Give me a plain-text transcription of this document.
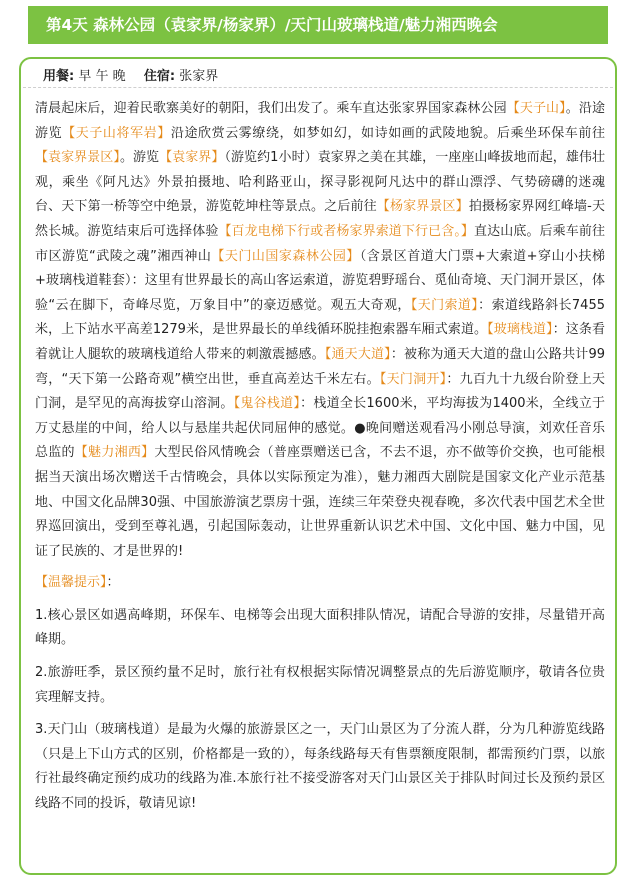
第4天 森林公园（袁家界/杨家界）/天门山玻璃栈道/魅力湘西晚会
用餐: 早 午 晚 住宿: 张家界

清晨起床后，迎着民歌寨美好的朝阳，我们出发了。乘车直达张家界国家森林公园【天子山】。沿途游览【天子山将军岩】沿途欣赏云雾缭绕，如梦如幻，如诗如画的武陵地貌。后乘坐环保车前往【袁家界景区】。游览【袁家界】（游览约1小时）袁家界之美在其雄，一座座山峰拔地而起，雄伟壮观，乘坐《阿凡达》外景拍摄地、哈利路亚山，探寻影视阿凡达中的群山漂浮、气势磅礴的迷魂台、天下第一桥等空中绝景，游览乾坤柱等景点。之后前往【杨家界景区】拍摄杨家界网红峰墙-天然长城。游览结束后可选择体验【百龙电梯下行或者杨家界索道下行已含。】直达山底。后乘车前往市区游览“武陵之魂”湘西神山【天门山国家森林公园】（含景区首道大门票+大索道+穿山小扶梯+玻璃栈道鞋套）：这里有世界最长的高山客运索道，游览碧野瑶台、觅仙奇境、天门洞开景区，体验“云在脚下，奇峰尽览，万象目中”的豪迈感觉。观五大奇观，【天门索道】：索道线路斜长7455米，上下站水平高差1279米，是世界最长的单线循环脱挂抱索器车厢式索道。【玻璃栈道】：这条看着就让人腿软的玻璃栈道给人带来的刺激震撼感。【通天大道】：被称为通天大道的盘山公路共计99弯，“天下第一公路奇观”横空出世，垂直高差达千米左右。【天门洞开】：九百九十九级台阶登上天门洞，是罕见的高海拔穿山溶洞。【鬼谷栈道】：栈道全长1600米，平均海拔为1400米，全线立于万丈悬崖的中间，给人以与悬崖共起伏同屈伸的感觉。●晚间赠送观看冯小刚总导演，刘欢任音乐总监的【魅力湘西】大型民俗风情晚会（普座票赠送已含，不去不退，亦不做等价交换，也可能根据当天演出场次赠送千古情晚会，具体以实际预定为准），魅力湘西大剧院是国家文化产业示范基地、中国文化品牌30强、中国旅游演艺票房十强，连续三年荣登央视春晚，多次代表中国艺术全世界巡回演出，受到至尊礼遇，引起国际轰动，让世界重新认识艺术中国、文化中国、魅力中国，见证了民族的、才是世界的!

【温馨提示】：

1.核心景区如遇高峰期，环保车、电梯等会出现大面积排队情况，请配合导游的安排，尽量错开高峰期。

2.旅游旺季，景区预约量不足时，旅行社有权根据实际情况调整景点的先后游览顺序，敬请各位贵宾理解支持。

3.天门山（玻璃栈道）是最为火爆的旅游景区之一，天门山景区为了分流人群，分为几种游览线路（只是上下山方式的区别，价格都是一致的），每条线路每天有售票额度限制，都需预约门票，以旅行社最终确定预约成功的线路为准.本旅行社不接受游客对天门山景区关于排队时间过长及预约景区线路不同的投诉，敬请见谅!
